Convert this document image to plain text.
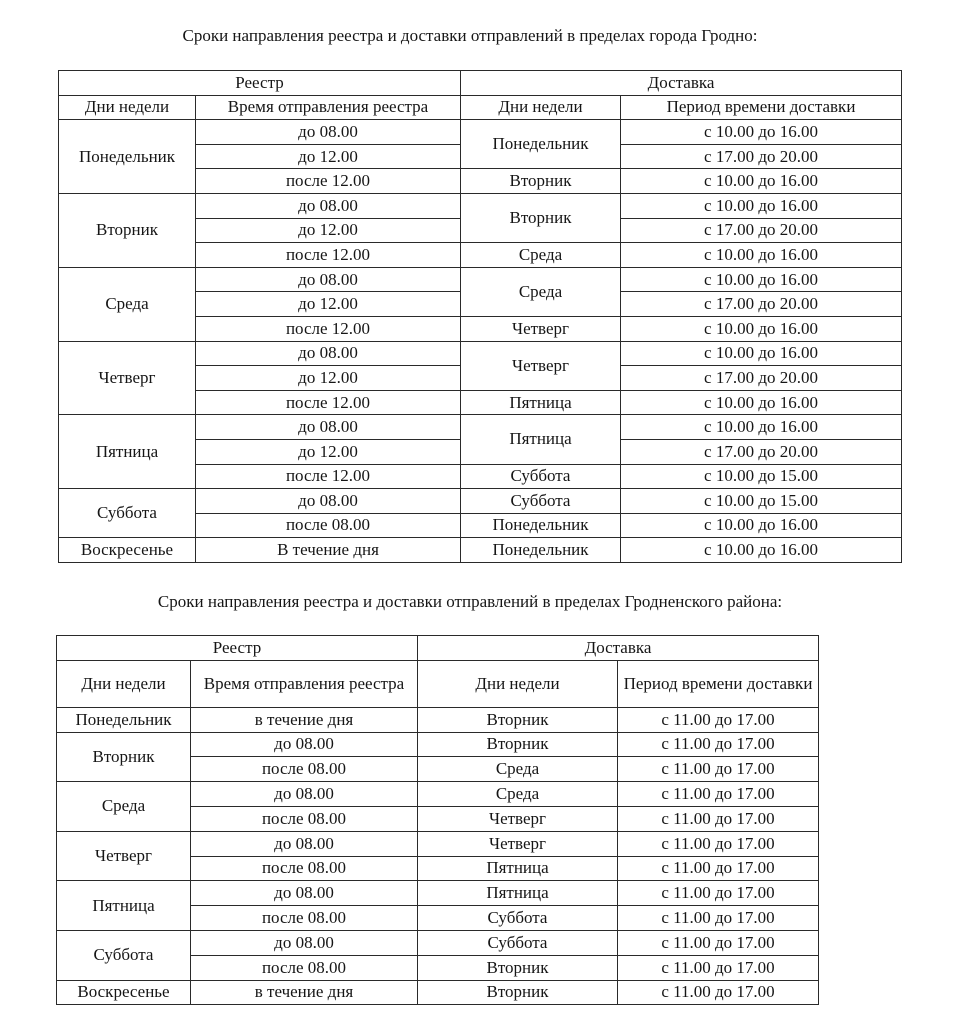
Сроки направления реестра и доставки отправлений в пределах города Гродно:
Реестр		Доставка	
Дни недели	Время отправления реестра	Дни недели	Период времени доставки
Понедельник	до 08.00	Понедельник	с 10.00 до 16.00
	до 12.00		с 17.00 до 20.00
	после 12.00	Вторник	с 10.00 до 16.00
Вторник	до 08.00	Вторник	с 10.00 до 16.00
	до 12.00		с 17.00 до 20.00
	после 12.00	Среда	с 10.00 до 16.00
Среда	до 08.00	Среда	с 10.00 до 16.00
	до 12.00		с 17.00 до 20.00
	после 12.00	Четверг	с 10.00 до 16.00
Четверг	до 08.00	Четверг	с 10.00 до 16.00
	до 12.00		с 17.00 до 20.00
	после 12.00	Пятница	с 10.00 до 16.00
Пятница	до 08.00	Пятница	с 10.00 до 16.00
	до 12.00		с 17.00 до 20.00
	после 12.00	Суббота	с 10.00 до 15.00
Суббота	до 08.00	Суббота	с 10.00 до 15.00
	после 08.00	Понедельник	с 10.00 до 16.00
Воскресенье	В течение дня	Понедельник	с 10.00 до 16.00
Сроки направления реестра и доставки отправлений в пределах Гродненского района:
Реестр		Доставка	
Дни недели	Время отправления реестра	Дни недели	Период времени доставки
Понедельник	в течение дня	Вторник	с 11.00 до 17.00
Вторник	до 08.00	Вторник	с 11.00 до 17.00
	после 08.00	Среда	с 11.00 до 17.00
Среда	до 08.00	Среда	с 11.00 до 17.00
	после 08.00	Четверг	с 11.00 до 17.00
Четверг	до 08.00	Четверг	с 11.00 до 17.00
	после 08.00	Пятница	с 11.00 до 17.00
Пятница	до 08.00	Пятница	с 11.00 до 17.00
	после 08.00	Суббота	с 11.00 до 17.00
Суббота	до 08.00	Суббота	с 11.00 до 17.00
	после 08.00	Вторник	с 11.00 до 17.00
Воскресенье	в течение дня	Вторник	с 11.00 до 17.00
